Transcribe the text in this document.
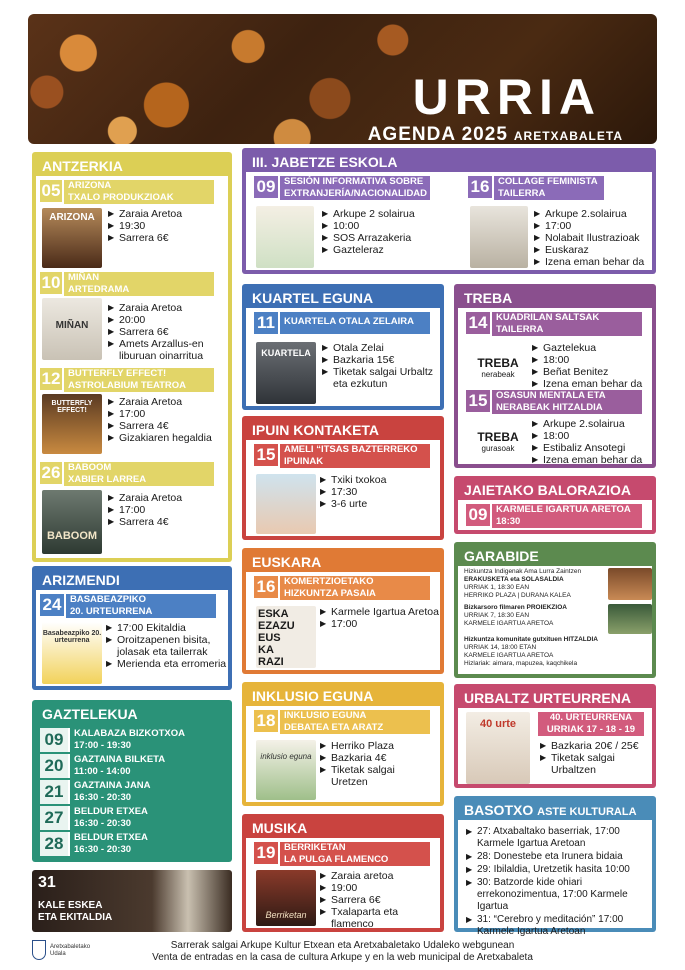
URRIA
AGENDA 2025 ARETXABALETA
ANTZERKIA
05 ARIZONA
TXALO PRODUKZIOAK
ARIZONA	▶ Zaraia Aretoa
▶ 19:30
▶ Sarrera 6€
10 MIÑAN
ARTEDRAMA
MIÑAN
▶ Zaraia Aretoa
▶ 20:00
▶ Sarrera 6€
▶ Amets Arzallus-en liburuan oinarritua
12 BUTTERFLY EFFECT!
ASTROLABIUM TEATROA
BUTTERFLY EFFECT!
▶ Zaraia Aretoa
▶ 17:00
▶ Sarrera 4€
▶ Gizakiaren hegaldia
26 BABOOM
XABIER LARREA
BABOOM
▶ Zaraia Aretoa
▶ 17:00
▶ Sarrera 4€
III. JABETZE ESKOLA
09 SESIÓN INFORMATIVA SOBRE
EXTRANJERÍA/NACIONALIDAD
▶ Arkupe 2 solairua
▶ 10:00
▶ SOS Arrazakeria
▶ Gazteleraz
16 COLLAGE FEMINISTA
TAILERRA
▶ Arkupe 2.solairua
▶ 17:00
▶ Nolabait Ilustrazioak
▶ Euskaraz
▶ Izena eman behar da
KUARTEL EGUNA
11 KUARTELA OTALA ZELAIRA
KUARTELA	▶ Otala Zelai
▶ Bazkaria 15€
▶ Tiketak salgai Urbaltz eta ezkutun
TREBA
14 KUADRILAN SALTSAK
TAILERRA
TREBA
nerabeak
▶ Gaztelekua
▶ 18:00
▶ Beñat Benitez
▶ Izena eman behar da
15 OSASUN MENTALA ETA
NERABEAK HITZALDIA
TREBA
gurasoak
▶ Arkupe 2.solairua
▶ 18:00
▶ Estibaliz Ansotegi
▶ Izena eman behar da
IPUIN KONTAKETA
15 AMELI “ITSAS BAZTERREKO
IPUINAK
▶ Txiki txokoa
▶ 17:30
▶ 3-6 urte
JAIETAKO BALORAZIOA
09 KARMELE IGARTUA ARETOA
18:30
ARIZMENDI
24 BASABEAZPIKO
20. URTEURRENA
Basabeazpiko 20. urteurrena
▶ 17:00 Ekitaldia
▶ Oroitzapenen bisita, jolasak eta tailerrak
▶ Merienda eta erromeria
EUSKARA
16 KOMERTZIOETAKO
HIZKUNTZA PASAIA
ESKA
EZAZU
EUS
KA
RAZI
▶ Karmele Igartua Aretoa
▶ 17:00
GARABIDE
Hizkuntza Indigenak Ama Lurra Zaintzen
ERAKUSKETA eta SOLASALDIA
URRIAK 1, 18:30 EAN
HERRIKO PLAZA | DURANA KALEA
Bizkarsoro filmaren PROIEKZIOA
URRIAK 7, 18:30 EAN
KARMELE IGARTUA ARETOA
Hizkuntza komunitate gutxituen HITZALDIA
URRIAK 14, 18:00 ETAN
KARMELE IGARTUA ARETOA
Hizlariak: aimara, mapuzea, kaqchikela
GAZTELEKUA
09	KALABAZA BIZKOTXOA
17:00 - 19:30
20	GAZTAINA BILKETA
11:00 - 14:00
21	GAZTAINA JANA
16:30 - 20:30
27	BELDUR ETXEA
16:30 - 20:30
28	BELDUR ETXEA
16:30 - 20:30
INKLUSIO EGUNA
18 INKLUSIO EGUNA
DEBATEA ETA ARATZ
inklusio eguna
▶ Herriko Plaza
▶ Bazkaria 4€
▶ Tiketak salgai
Uretzen
URBALTZ URTEURRENA
40 urte
40. URTEURRENA
URRIAK 17 - 18 - 19
▶ Bazkaria 20€ / 25€
▶ Tiketak salgai
Urbaltzen
31
KALE ESKEA
ETA EKITALDIA
MUSIKA
19 BERRIKETAN
LA PULGA FLAMENCO
Berriketan
▶ Zaraia aretoa
▶ 19:00
▶ Sarrera 6€
▶ Txalaparta eta flamenco
BASOTXO ASTE KULTURALA
▶ 27: Atxabaltako baserriak, 17:00 Karmele Igartua Aretoan
▶ 28: Donestebe eta Irunera bidaia
▶ 29: Ibilaldia, Uretzetik hasita 10:00
▶ 30: Batzorde kide ohiari errekonozimentua, 17:00 Karmele Igartua
▶ 31: “Cerebro y meditación” 17:00 Karmele Igartua Aretoan
Aretxabaletako
Udala
Sarrerak salgai Arkupe Kultur Etxean eta Aretxabaletako Udaleko webgunean
Venta de entradas en la casa de cultura Arkupe y en la web municipal de Aretxabaleta
